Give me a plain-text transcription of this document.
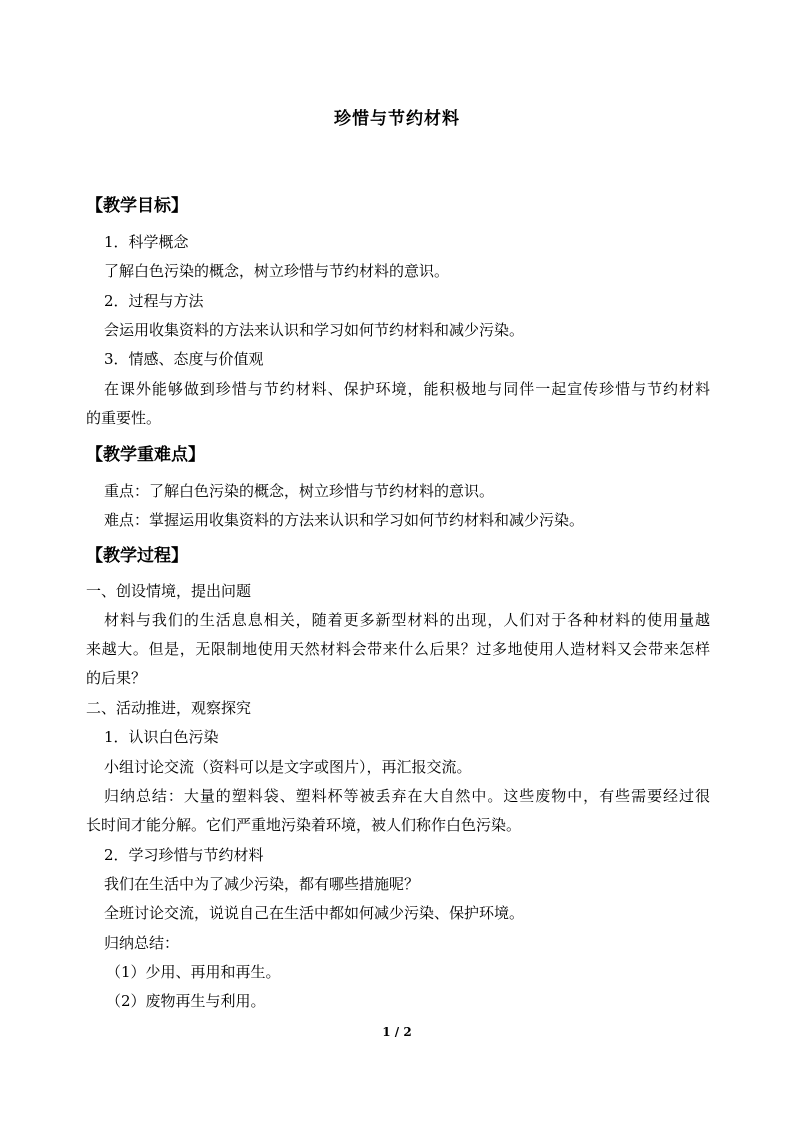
珍惜与节约材料
【教学目标】
1．科学概念
了解白色污染的概念，树立珍惜与节约材料的意识。
2．过程与方法
会运用收集资料的方法来认识和学习如何节约材料和减少污染。
3．情感、态度与价值观
在课外能够做到珍惜与节约材料、保护环境，能积极地与同伴一起宣传珍惜与节约材料
的重要性。
【教学重难点】
重点：了解白色污染的概念，树立珍惜与节约材料的意识。
难点：掌握运用收集资料的方法来认识和学习如何节约材料和减少污染。
【教学过程】
一、创设情境，提出问题
材料与我们的生活息息相关，随着更多新型材料的出现，人们对于各种材料的使用量越
来越大。但是，无限制地使用天然材料会带来什么后果？过多地使用人造材料又会带来怎样
的后果？
二、活动推进，观察探究
1．认识白色污染
小组讨论交流（资料可以是文字或图片），再汇报交流。
归纳总结：大量的塑料袋、塑料杯等被丢弃在大自然中。这些废物中，有些需要经过很
长时间才能分解。它们严重地污染着环境，被人们称作白色污染。
2．学习珍惜与节约材料
我们在生活中为了减少污染，都有哪些措施呢？
全班讨论交流，说说自己在生活中都如何减少污染、保护环境。
归纳总结：
（1）少用、再用和再生。
（2）废物再生与利用。
1 / 2
